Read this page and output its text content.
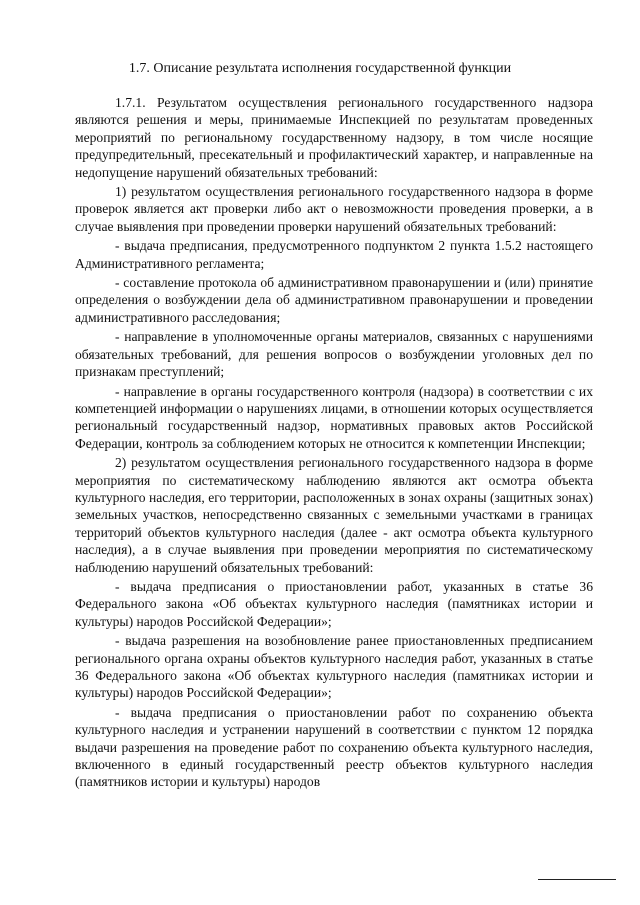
1.7. Описание результата исполнения государственной функции

1.7.1. Результатом осуществления регионального государственного надзора являются решения и меры, принимаемые Инспекцией по результатам проведенных мероприятий по региональному государственному надзору, в том числе носящие предупредительный, пресекательный и профилактический характер, и направленные на недопущение нарушений обязательных требований:

1) результатом осуществления регионального государственного надзора в форме проверок является акт проверки либо акт о невозможности проведения проверки, а в случае выявления при проведении проверки нарушений обязательных требований:

- выдача предписания, предусмотренного подпунктом 2 пункта 1.5.2 настоящего Административного регламента;

- составление протокола об административном правонарушении и (или) принятие определения о возбуждении дела об административном правонарушении и проведении административного расследования;

- направление в уполномоченные органы материалов, связанных с нарушениями обязательных требований, для решения вопросов о возбуждении уголовных дел по признакам преступлений;

- направление в органы государственного контроля (надзора) в соответствии с их компетенцией информации о нарушениях лицами, в отношении которых осуществляется региональный государственный надзор, нормативных правовых актов Российской Федерации, контроль за соблюдением которых не относится к компетенции Инспекции;

2) результатом осуществления регионального государственного надзора в форме мероприятия по систематическому наблюдению являются акт осмотра объекта культурного наследия, его территории, расположенных в зонах охраны (защитных зонах) земельных участков, непосредственно связанных с земельными участками в границах территорий объектов культурного наследия (далее - акт осмотра объекта культурного наследия), а в случае выявления при проведении мероприятия по систематическому наблюдению нарушений обязательных требований:

- выдача предписания о приостановлении работ, указанных в статье 36 Федерального закона «Об объектах культурного наследия (памятниках истории и культуры) народов Российской Федерации»;

- выдача разрешения на возобновление ранее приостановленных предписанием регионального органа охраны объектов культурного наследия работ, указанных в статье 36 Федерального закона «Об объектах культурного наследия (памятниках истории и культуры) народов Российской Федерации»;

- выдача предписания о приостановлении работ по сохранению объекта культурного наследия и устранении нарушений в соответствии с пунктом 12 порядка выдачи разрешения на проведение работ по сохранению объекта культурного наследия, включенного в единый государственный реестр объектов культурного наследия (памятников истории и культуры) народов
